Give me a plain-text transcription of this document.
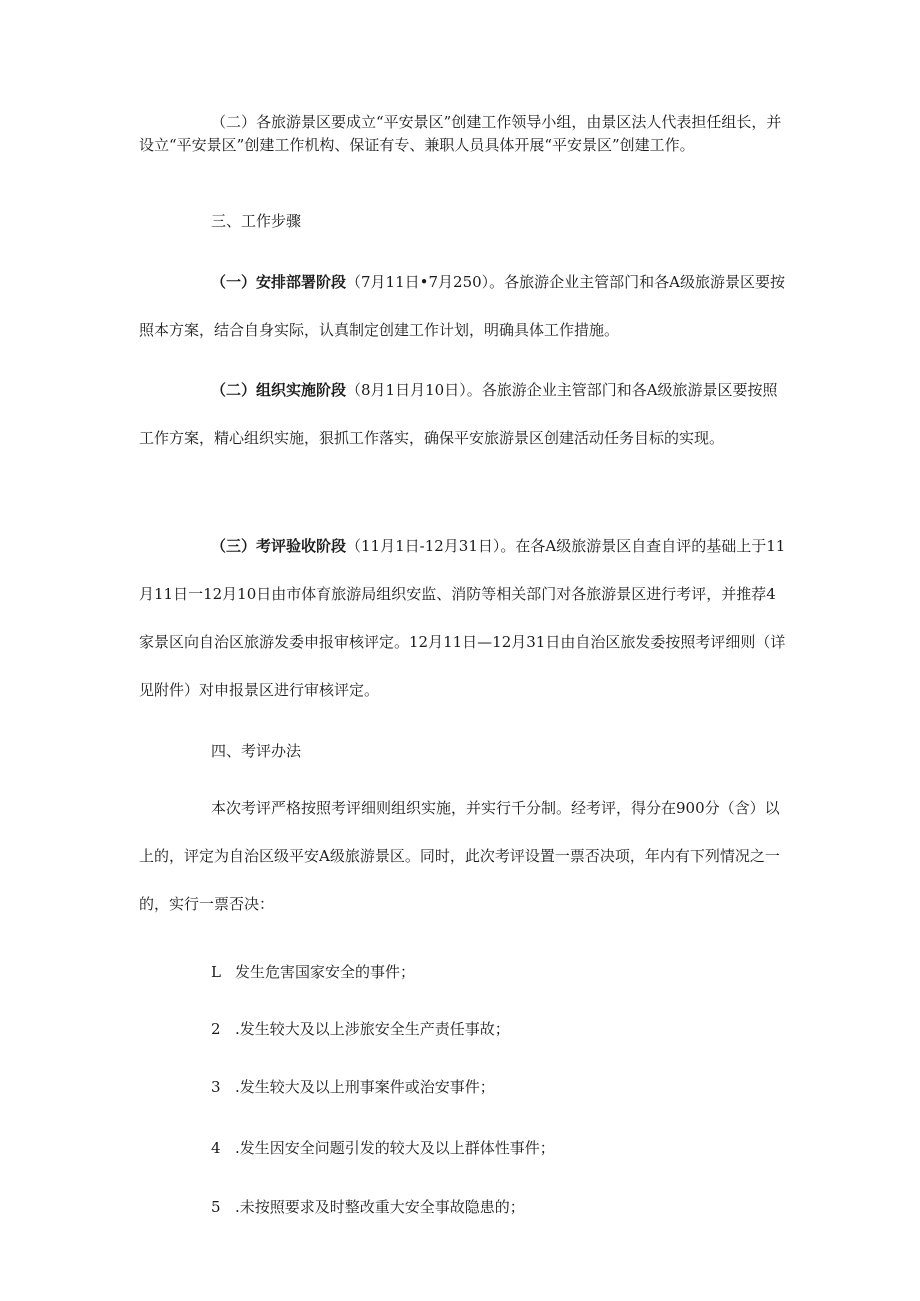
（二）各旅游景区要成立“平安景区”创建工作领导小组，由景区法人代表担任组长，并设立“平安景区”创建工作机构、保证有专、兼职人员具体开展“平安景区”创建工作。

三、工作步骤

（一）安排部署阶段（7月11日•7月250）。各旅游企业主管部门和各A级旅游景区要按照本方案，结合自身实际，认真制定创建工作计划，明确具体工作措施。

（二）组织实施阶段（8月1日月10日）。各旅游企业主管部门和各A级旅游景区要按照工作方案，精心组织实施，狠抓工作落实，确保平安旅游景区创建活动任务目标的实现。

（三）考评验收阶段（11月1日-12月31日）。在各A级旅游景区自查自评的基础上于11月11日一12月10日由市体育旅游局组织安监、消防等相关部门对各旅游景区进行考评，并推荐4家景区向自治区旅游发委申报审核评定。12月11日—12月31日由自治区旅发委按照考评细则（详见附件）对申报景区进行审核评定。

四、考评办法

本次考评严格按照考评细则组织实施，并实行千分制。经考评，得分在900分（含）以上的，评定为自治区级平安A级旅游景区。同时，此次考评设置一票否决项，年内有下列情况之一的，实行一票否决：

L 发生危害国家安全的事件；

2 .发生较大及以上涉旅安全生产责任事故；

3 .发生较大及以上刑事案件或治安事件；

4 .发生因安全问题引发的较大及以上群体性事件；

5 .未按照要求及时整改重大安全事故隐患的；
